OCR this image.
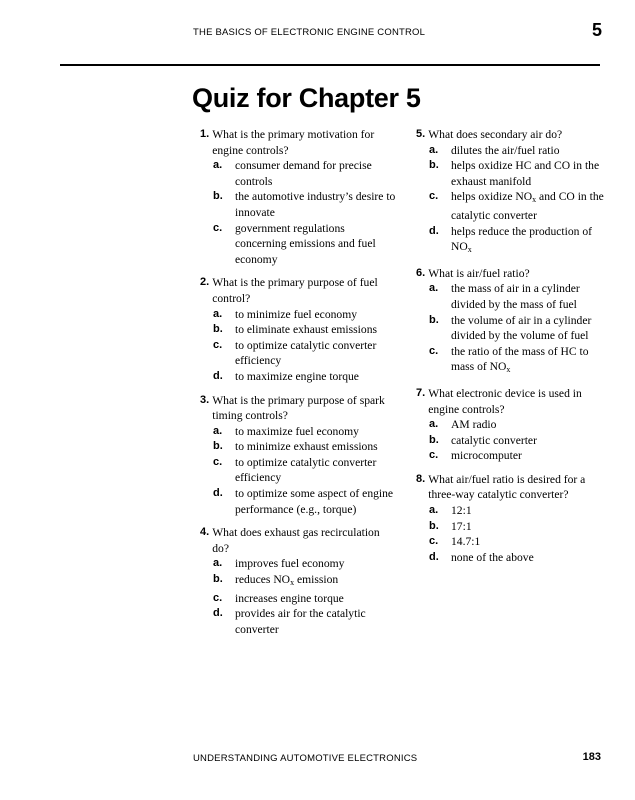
THE BASICS OF ELECTRONIC ENGINE CONTROL	5
Quiz for Chapter 5
1. What is the primary motivation for engine controls?
a.	consumer demand for precise controls
b.	the automotive industry’s desire to innovate
c.	government regulations concerning emissions and fuel economy
2. What is the primary purpose of fuel control?
a.	to minimize fuel economy
b.	to eliminate exhaust emissions
c.	to optimize catalytic converter efficiency
d.	to maximize engine torque
3. What is the primary purpose of spark timing controls?
a.	to maximize fuel economy
b.	to minimize exhaust emissions
c.	to optimize catalytic converter efficiency
d.	to optimize some aspect of engine performance (e.g., torque)
4. What does exhaust gas recirculation do?
a.	improves fuel economy
b.	reduces $NO_x$ emission
c.	increases engine torque
d.	provides air for the catalytic converter
5. What does secondary air do?
a.	dilutes the air/fuel ratio
b.	helps oxidize HC and CO in the exhaust manifold
c.	helps oxidize $NO_x$ and CO in the catalytic converter
d.	helps reduce the production of $NO_x$
6. What is air/fuel ratio?
a.	the mass of air in a cylinder divided by the mass of fuel
b.	the volume of air in a cylinder divided by the volume of fuel
c.	the ratio of the mass of HC to mass of $NO_x$
7. What electronic device is used in engine controls?
a.	AM radio
b.	catalytic converter
c.	microcomputer
8. What air/fuel ratio is desired for a three-way catalytic converter?
a.	12:1
b.	17:1
c.	14.7:1
d.	none of the above
UNDERSTANDING AUTOMOTIVE ELECTRONICS	183
